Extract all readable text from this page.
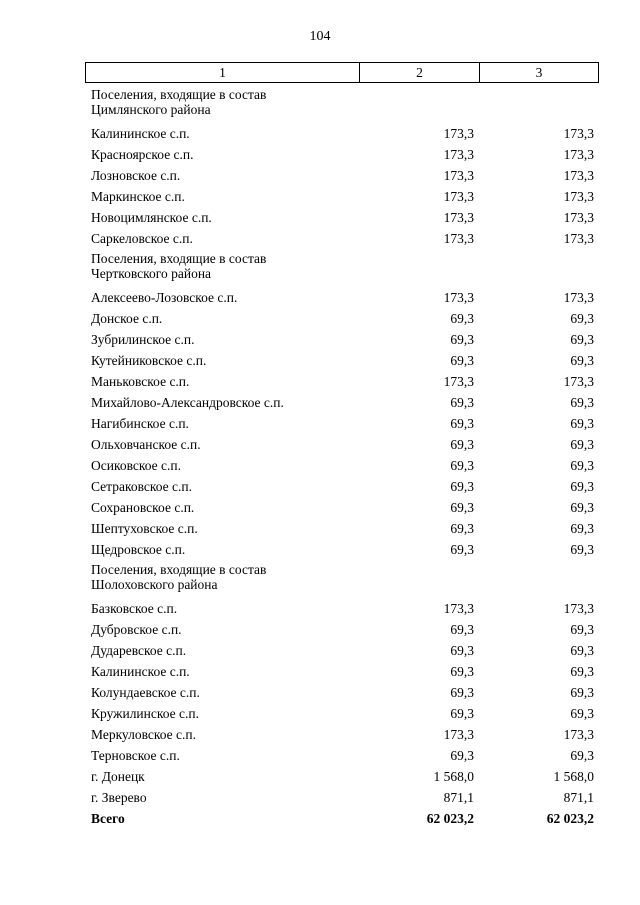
104
1	2	3
Поселения, входящие в состав
Цимлянского района
Калининское с.п.	173,3	173,3
Красноярское с.п.	173,3	173,3
Лозновское с.п.	173,3	173,3
Маркинское с.п.	173,3	173,3
Новоцимлянское с.п.	173,3	173,3
Саркеловское с.п.	173,3	173,3
Поселения, входящие в состав
Чертковского района
Алексеево-Лозовское с.п.	173,3	173,3
Донское с.п.	69,3	69,3
Зубрилинское с.п.	69,3	69,3
Кутейниковское с.п.	69,3	69,3
Маньковское с.п.	173,3	173,3
Михайлово-Александровское с.п.	69,3	69,3
Нагибинское с.п.	69,3	69,3
Ольховчанское с.п.	69,3	69,3
Осиковское с.п.	69,3	69,3
Сетраковское с.п.	69,3	69,3
Сохрановское с.п.	69,3	69,3
Шептуховское с.п.	69,3	69,3
Щедровское с.п.	69,3	69,3
Поселения, входящие в состав
Шолоховского района
Базковское с.п.	173,3	173,3
Дубровское с.п.	69,3	69,3
Дударевское с.п.	69,3	69,3
Калининское с.п.	69,3	69,3
Колундаевское с.п.	69,3	69,3
Кружилинское с.п.	69,3	69,3
Меркуловское с.п.	173,3	173,3
Терновское с.п.	69,3	69,3
г. Донецк	1 568,0	1 568,0
г. Зверево	871,1	871,1
Всего	62 023,2	62 023,2
